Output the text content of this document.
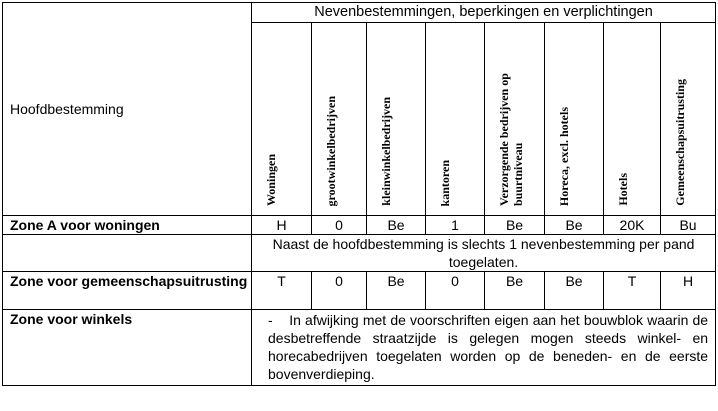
Hoofdbestemming	Nevenbestemmingen, beperkingen en verplichtingen							
	Woningen	grootwinkelbedrijven	kleinwinkelbedrijven	kantoren	Verzorgende bedrijven op buurtniveau	Horeca, excl. hotels	Hotels	Gemeenschapsuitrusting
Zone A voor woningen	H	0	Be	1	Be	Be	20K	Bu
	Naast de hoofdbestemming is slechts 1 nevenbestemming per pand toegelaten.							
Zone voor gemeenschapsuitrusting	T	0	Be	0	Be	Be	T	H
Zone voor winkels	-    In afwijking met de voorschriften eigen aan het bouwblok waarin de desbetreffende straatzijde is gelegen mogen steeds winkel- en horecabedrijven toegelaten worden op de beneden- en de eerste bovenverdieping.							
